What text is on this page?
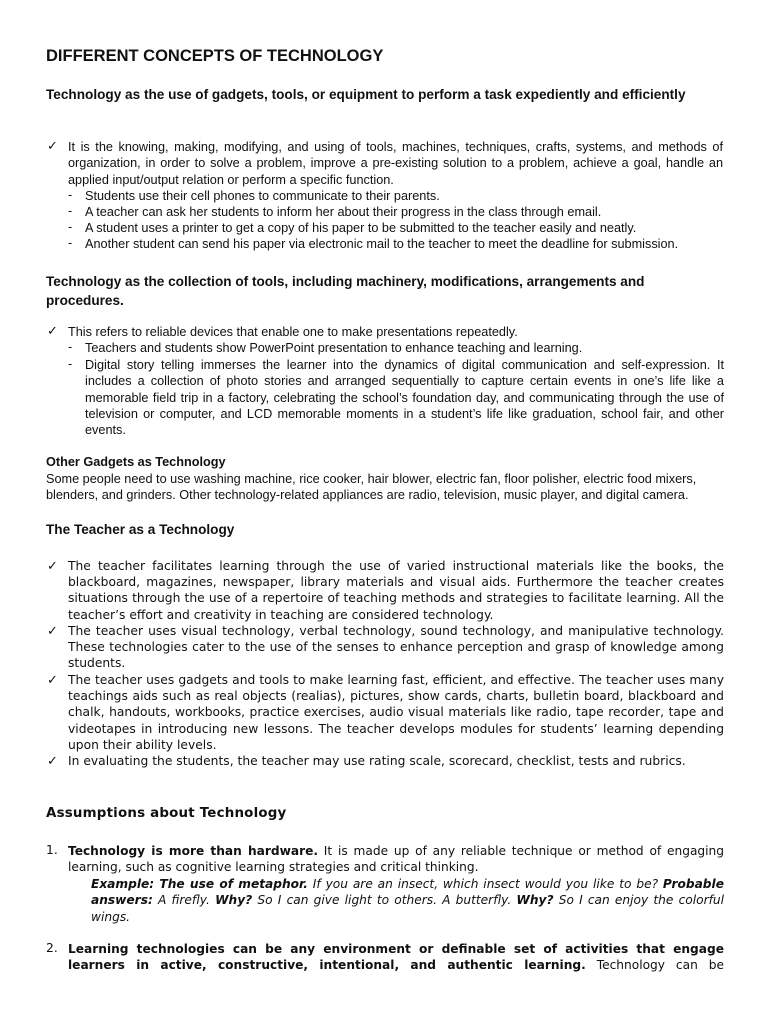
DIFFERENT CONCEPTS OF TECHNOLOGY
Technology as the use of gadgets, tools, or equipment to perform a task expediently and efficiently
✓ It is the knowing, making, modifying, and using of tools, machines, techniques, crafts, systems, and methods of organization, in order to solve a problem, improve a pre-existing solution to a problem, achieve a goal, handle an applied input/output relation or perform a specific function.
- Students use their cell phones to communicate to their parents.
- A teacher can ask her students to inform her about their progress in the class through email.
- A student uses a printer to get a copy of his paper to be submitted to the teacher easily and neatly.
- Another student can send his paper via electronic mail to the teacher to meet the deadline for submission.
Technology as the collection of tools, including machinery, modifications, arrangements and procedures.
✓ This refers to reliable devices that enable one to make presentations repeatedly.
- Teachers and students show PowerPoint presentation to enhance teaching and learning.
- Digital story telling immerses the learner into the dynamics of digital communication and self-expression. It includes a collection of photo stories and arranged sequentially to capture certain events in one’s life like a memorable field trip in a factory, celebrating the school’s foundation day, and communicating through the use of television or computer, and LCD memorable moments in a student’s life like graduation, school fair, and other events.
Other Gadgets as Technology
Some people need to use washing machine, rice cooker, hair blower, electric fan, floor polisher, electric food mixers, blenders, and grinders. Other technology-related appliances are radio, television, music player, and digital camera.
The Teacher as a Technology
✓ The teacher facilitates learning through the use of varied instructional materials like the books, the blackboard, magazines, newspaper, library materials and visual aids. Furthermore the teacher creates situations through the use of a repertoire of teaching methods and strategies to facilitate learning. All the teacher’s effort and creativity in teaching are considered technology.
✓ The teacher uses visual technology, verbal technology, sound technology, and manipulative technology. These technologies cater to the use of the senses to enhance perception and grasp of knowledge among students.
✓ The teacher uses gadgets and tools to make learning fast, efficient, and effective. The teacher uses many teachings aids such as real objects (realias), pictures, show cards, charts, bulletin board, blackboard and chalk, handouts, workbooks, practice exercises, audio visual materials like radio, tape recorder, tape and videotapes in introducing new lessons. The teacher develops modules for students’ learning depending upon their ability levels.
✓ In evaluating the students, the teacher may use rating scale, scorecard, checklist, tests and rubrics.
Assumptions about Technology
1. Technology is more than hardware. It is made up of any reliable technique or method of engaging learning, such as cognitive learning strategies and critical thinking.
Example: The use of metaphor. If you are an insect, which insect would you like to be? Probable answers: A firefly. Why? So I can give light to others. A butterfly. Why? So I can enjoy the colorful wings.
2. Learning technologies can be any environment or definable set of activities that engage learners in active, constructive, intentional, and authentic learning. Technology can be
